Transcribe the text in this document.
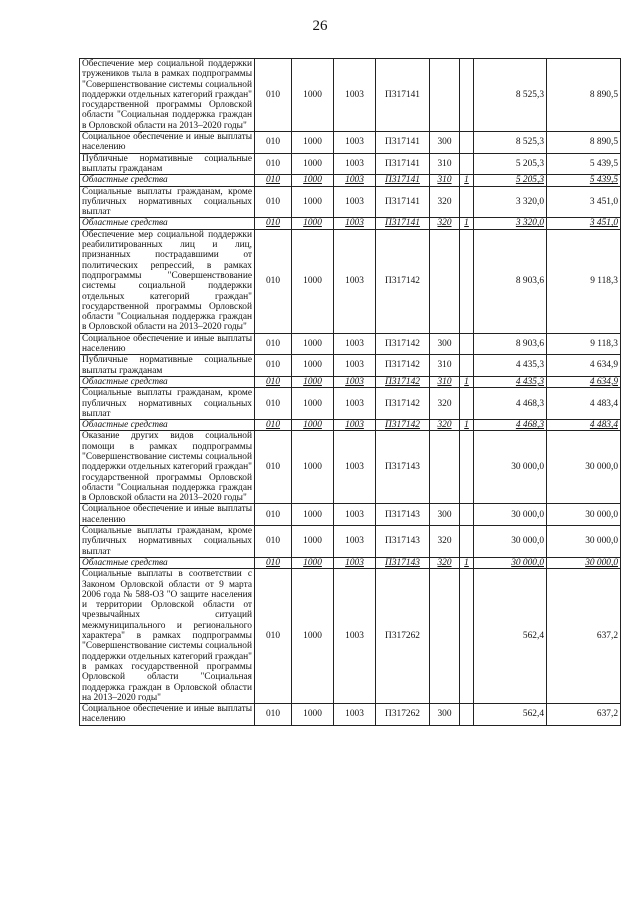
26
Обеспечение мер социальной поддержки тружеников тыла в рамках подпрограммы "Совершенствование системы социальной поддержки отдельных категорий граждан" государственной программы Орловской области "Социальная поддержка граждан в Орловской области на 2013–2020 годы"	010	1000	1003	П317141			8 525,3	8 890,5
Социальное обеспечение и иные выплаты населению	010	1000	1003	П317141	300		8 525,3	8 890,5
Публичные нормативные социальные выплаты гражданам	010	1000	1003	П317141	310		5 205,3	5 439,5
Областные средства	010	1000	1003	П317141	310	1	5 205,3	5 439,5
Социальные выплаты гражданам, кроме публичных нормативных социальных выплат	010	1000	1003	П317141	320		3 320,0	3 451,0
Областные средства	010	1000	1003	П317141	320	1	3 320,0	3 451,0
Обеспечение мер социальной поддержки реабилитированных лиц и лиц, признанных пострадавшими от политических репрессий, в рамках подпрограммы "Совершенствование системы социальной поддержки отдельных категорий граждан" государственной программы Орловской области "Социальная поддержка граждан в Орловской области на 2013–2020 годы"	010	1000	1003	П317142			8 903,6	9 118,3
Социальное обеспечение и иные выплаты населению	010	1000	1003	П317142	300		8 903,6	9 118,3
Публичные нормативные социальные выплаты гражданам	010	1000	1003	П317142	310		4 435,3	4 634,9
Областные средства	010	1000	1003	П317142	310	1	4 435,3	4 634,9
Социальные выплаты гражданам, кроме публичных нормативных социальных выплат	010	1000	1003	П317142	320		4 468,3	4 483,4
Областные средства	010	1000	1003	П317142	320	1	4 468,3	4 483,4
Оказание других видов социальной помощи в рамках подпрограммы "Совершенствование системы социальной поддержки отдельных категорий граждан" государственной программы Орловской области "Социальная поддержка граждан в Орловской области на 2013–2020 годы"	010	1000	1003	П317143			30 000,0	30 000,0
Социальное обеспечение и иные выплаты населению	010	1000	1003	П317143	300		30 000,0	30 000,0
Социальные выплаты гражданам, кроме публичных нормативных социальных выплат	010	1000	1003	П317143	320		30 000,0	30 000,0
Областные средства	010	1000	1003	П317143	320	1	30 000,0	30 000,0
Социальные выплаты в соответствии с Законом Орловской области от 9 марта 2006 года № 588-ОЗ "О защите населения и территории Орловской области от чрезвычайных ситуаций межмуниципального и регионального характера" в рамках подпрограммы "Совершенствование системы социальной поддержки отдельных категорий граждан" в рамках государственной программы Орловской области "Социальная поддержка граждан в Орловской области на 2013–2020 годы"	010	1000	1003	П317262			562,4	637,2
Социальное обеспечение и иные выплаты населению	010	1000	1003	П317262	300		562,4	637,2
